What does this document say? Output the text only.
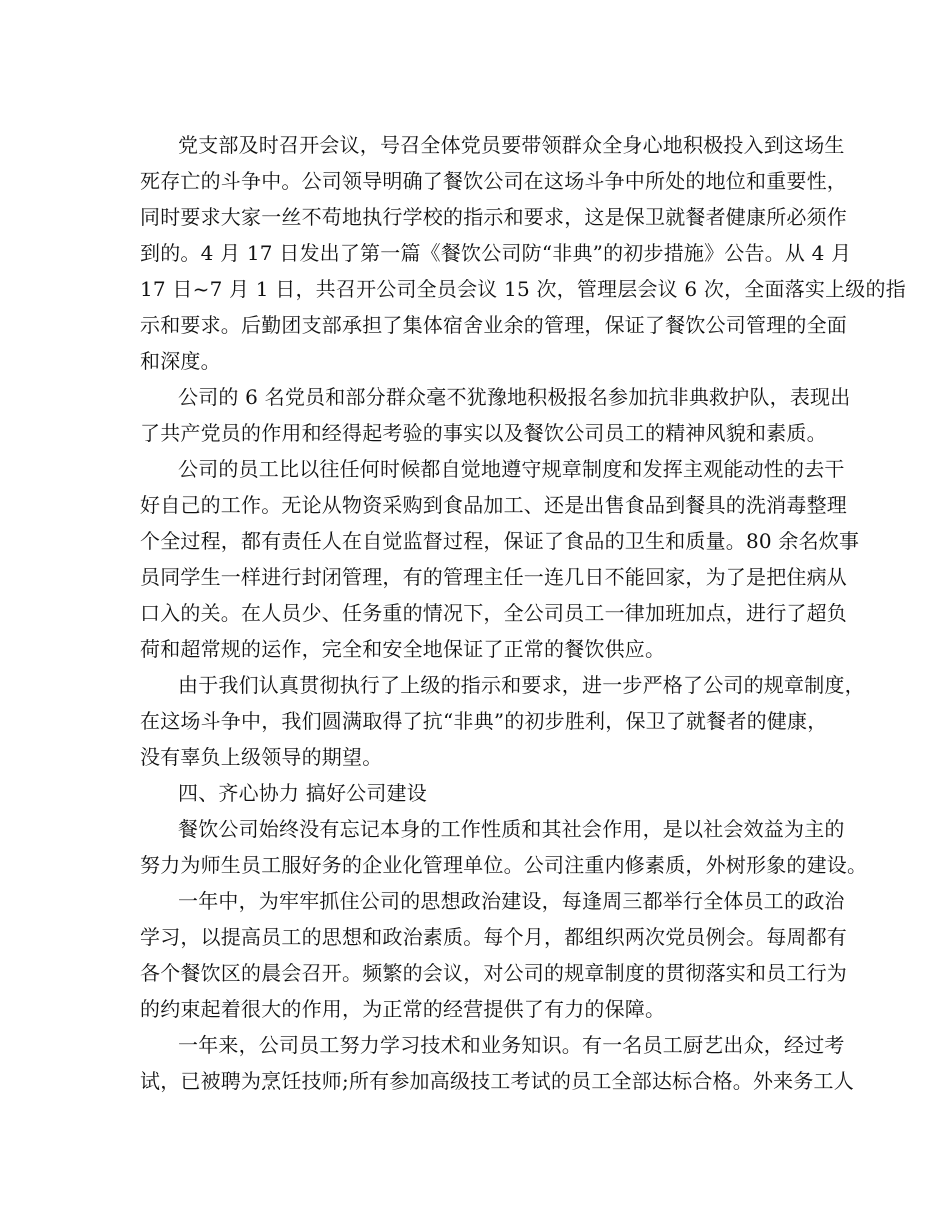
党支部及时召开会议，号召全体党员要带领群众全身心地积极投入到这场生
死存亡的斗争中。公司领导明确了餐饮公司在这场斗争中所处的地位和重要性，
同时要求大家一丝不苟地执行学校的指示和要求，这是保卫就餐者健康所必须作
到的。4 月 17 日发出了第一篇《餐饮公司防“非典”的初步措施》公告。从 4 月
17 日~7 月 1 日，共召开公司全员会议 15 次，管理层会议 6 次，全面落实上级的指
示和要求。后勤团支部承担了集体宿舍业余的管理，保证了餐饮公司管理的全面
和深度。
公司的 6 名党员和部分群众毫不犹豫地积极报名参加抗非典救护队，表现出
了共产党员的作用和经得起考验的事实以及餐饮公司员工的精神风貌和素质。
公司的员工比以往任何时候都自觉地遵守规章制度和发挥主观能动性的去干
好自己的工作。无论从物资采购到食品加工、还是出售食品到餐具的洗消毒整理
个全过程，都有责任人在自觉监督过程，保证了食品的卫生和质量。80 余名炊事
员同学生一样进行封闭管理，有的管理主任一连几日不能回家，为了是把住病从
口入的关。在人员少、任务重的情况下，全公司员工一律加班加点，进行了超负
荷和超常规的运作，完全和安全地保证了正常的餐饮供应。
由于我们认真贯彻执行了上级的指示和要求，进一步严格了公司的规章制度，
在这场斗争中，我们圆满取得了抗“非典”的初步胜利，保卫了就餐者的健康，
没有辜负上级领导的期望。
四、齐心协力 搞好公司建设
餐饮公司始终没有忘记本身的工作性质和其社会作用，是以社会效益为主的
努力为师生员工服好务的企业化管理单位。公司注重内修素质，外树形象的建设。
一年中，为牢牢抓住公司的思想政治建设，每逢周三都举行全体员工的政治
学习，以提高员工的思想和政治素质。每个月，都组织两次党员例会。每周都有
各个餐饮区的晨会召开。频繁的会议，对公司的规章制度的贯彻落实和员工行为
的约束起着很大的作用，为正常的经营提供了有力的保障。
一年来，公司员工努力学习技术和业务知识。有一名员工厨艺出众，经过考
试，已被聘为烹饪技师;所有参加高级技工考试的员工全部达标合格。外来务工人
